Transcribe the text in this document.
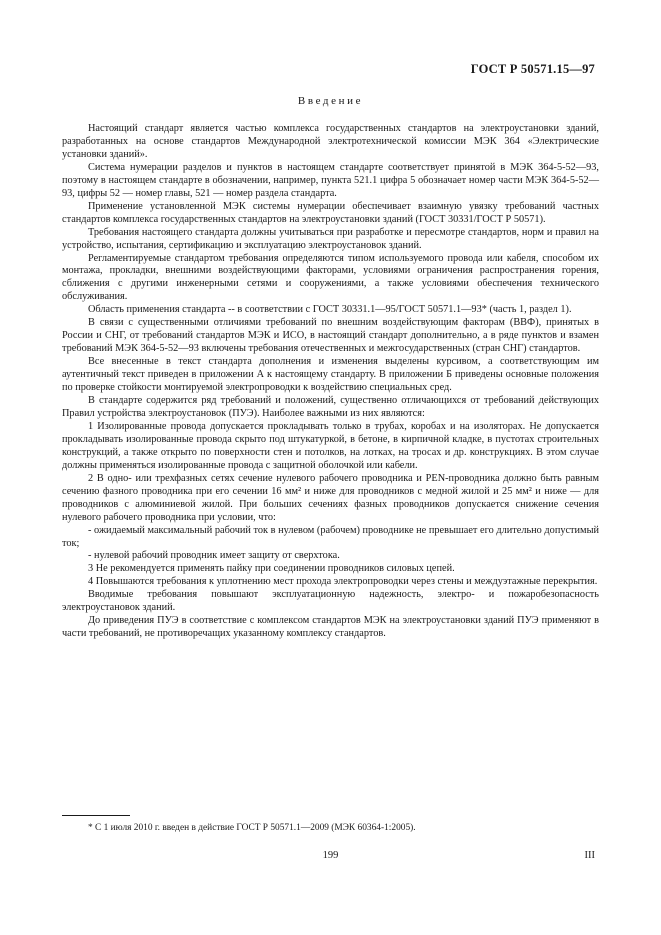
ГОСТ Р 50571.15—97
Введение

Настоящий стандарт является частью комплекса государственных стандартов на электроустановки зданий, разработанных на основе стандартов Международной электротехнической комиссии МЭК 364 «Электрические установки зданий».

Система нумерации разделов и пунктов в настоящем стандарте соответствует принятой в МЭК 364-5-52—93, поэтому в настоящем стандарте в обозначении, например, пункта 521.1 цифра 5 обозначает номер части МЭК 364-5-52—93, цифры 52 — номер главы, 521 — номер раздела стандарта.

Применение установленной МЭК системы нумерации обеспечивает взаимную увязку требований частных стандартов комплекса государственных стандартов на электроустановки зданий (ГОСТ 30331/ГОСТ Р 50571).

Требования настоящего стандарта должны учитываться при разработке и пересмотре стандартов, норм и правил на устройство, испытания, сертификацию и эксплуатацию электроустановок зданий.

Регламентируемые стандартом требования определяются типом используемого провода или кабеля, способом их монтажа, прокладки, внешними воздействующими факторами, условиями ограничения распространения горения, сближения с другими инженерными сетями и сооружениями, а также условиями обеспечения технического обслуживания.

Область применения стандарта -- в соответствии с ГОСТ 30331.1—95/ГОСТ 50571.1—93* (часть 1, раздел 1).

В связи с существенными отличиями требований по внешним воздействующим факторам (ВВФ), принятых в России и СНГ, от требований стандартов МЭК и ИСО, в настоящий стандарт дополнительно, а в ряде пунктов и взамен требований МЭК 364-5-52—93 включены требования отечественных и межгосударственных (стран СНГ) стандартов.

Все внесенные в текст стандарта дополнения и изменения выделены курсивом, а соответствующим им аутентичный текст приведен в приложении А к настоящему стандарту. В приложении Б приведены основные положения по проверке стойкости монтируемой электропроводки к воздействию специальных сред.

В стандарте содержится ряд требований и положений, существенно отличающихся от требований действующих Правил устройства электроустановок (ПУЭ). Наиболее важными из них являются:

1 Изолированные провода допускается прокладывать только в трубах, коробах и на изоляторах. Не допускается прокладывать изолированные провода скрыто под штукатуркой, в бетоне, в кирпичной кладке, в пустотах строительных конструкций, а также открыто по поверхности стен и потолков, на лотках, на тросах и др. конструкциях. В этом случае должны применяться изолированные провода с защитной оболочкой или кабели.

2 В одно- или трехфазных сетях сечение нулевого рабочего проводника и PEN-проводника должно быть равным сечению фазного проводника при его сечении 16 мм² и ниже для проводников с медной жилой и 25 мм² и ниже — для проводников с алюминиевой жилой. При больших сечениях фазных проводников допускается снижение сечения нулевого рабочего проводника при условии, что:

- ожидаемый максимальный рабочий ток в нулевом (рабочем) проводнике не превышает его длительно допустимый ток;

- нулевой рабочий проводник имеет защиту от сверхтока.

3 Не рекомендуется применять пайку при соединении проводников силовых цепей.

4 Повышаются требования к уплотнению мест прохода электропроводки через стены и междуэтажные перекрытия.

Вводимые требования повышают эксплуатационную надежность, электро- и пожаробезопасность электроустановок зданий.

До приведения ПУЭ в соответствие с комплексом стандартов МЭК на электроустановки зданий ПУЭ применяют в части требований, не противоречащих указанному комплексу стандартов.

* С 1 июля 2010 г. введен в действие ГОСТ Р 50571.1—2009 (МЭК 60364-1:2005).
199	III
